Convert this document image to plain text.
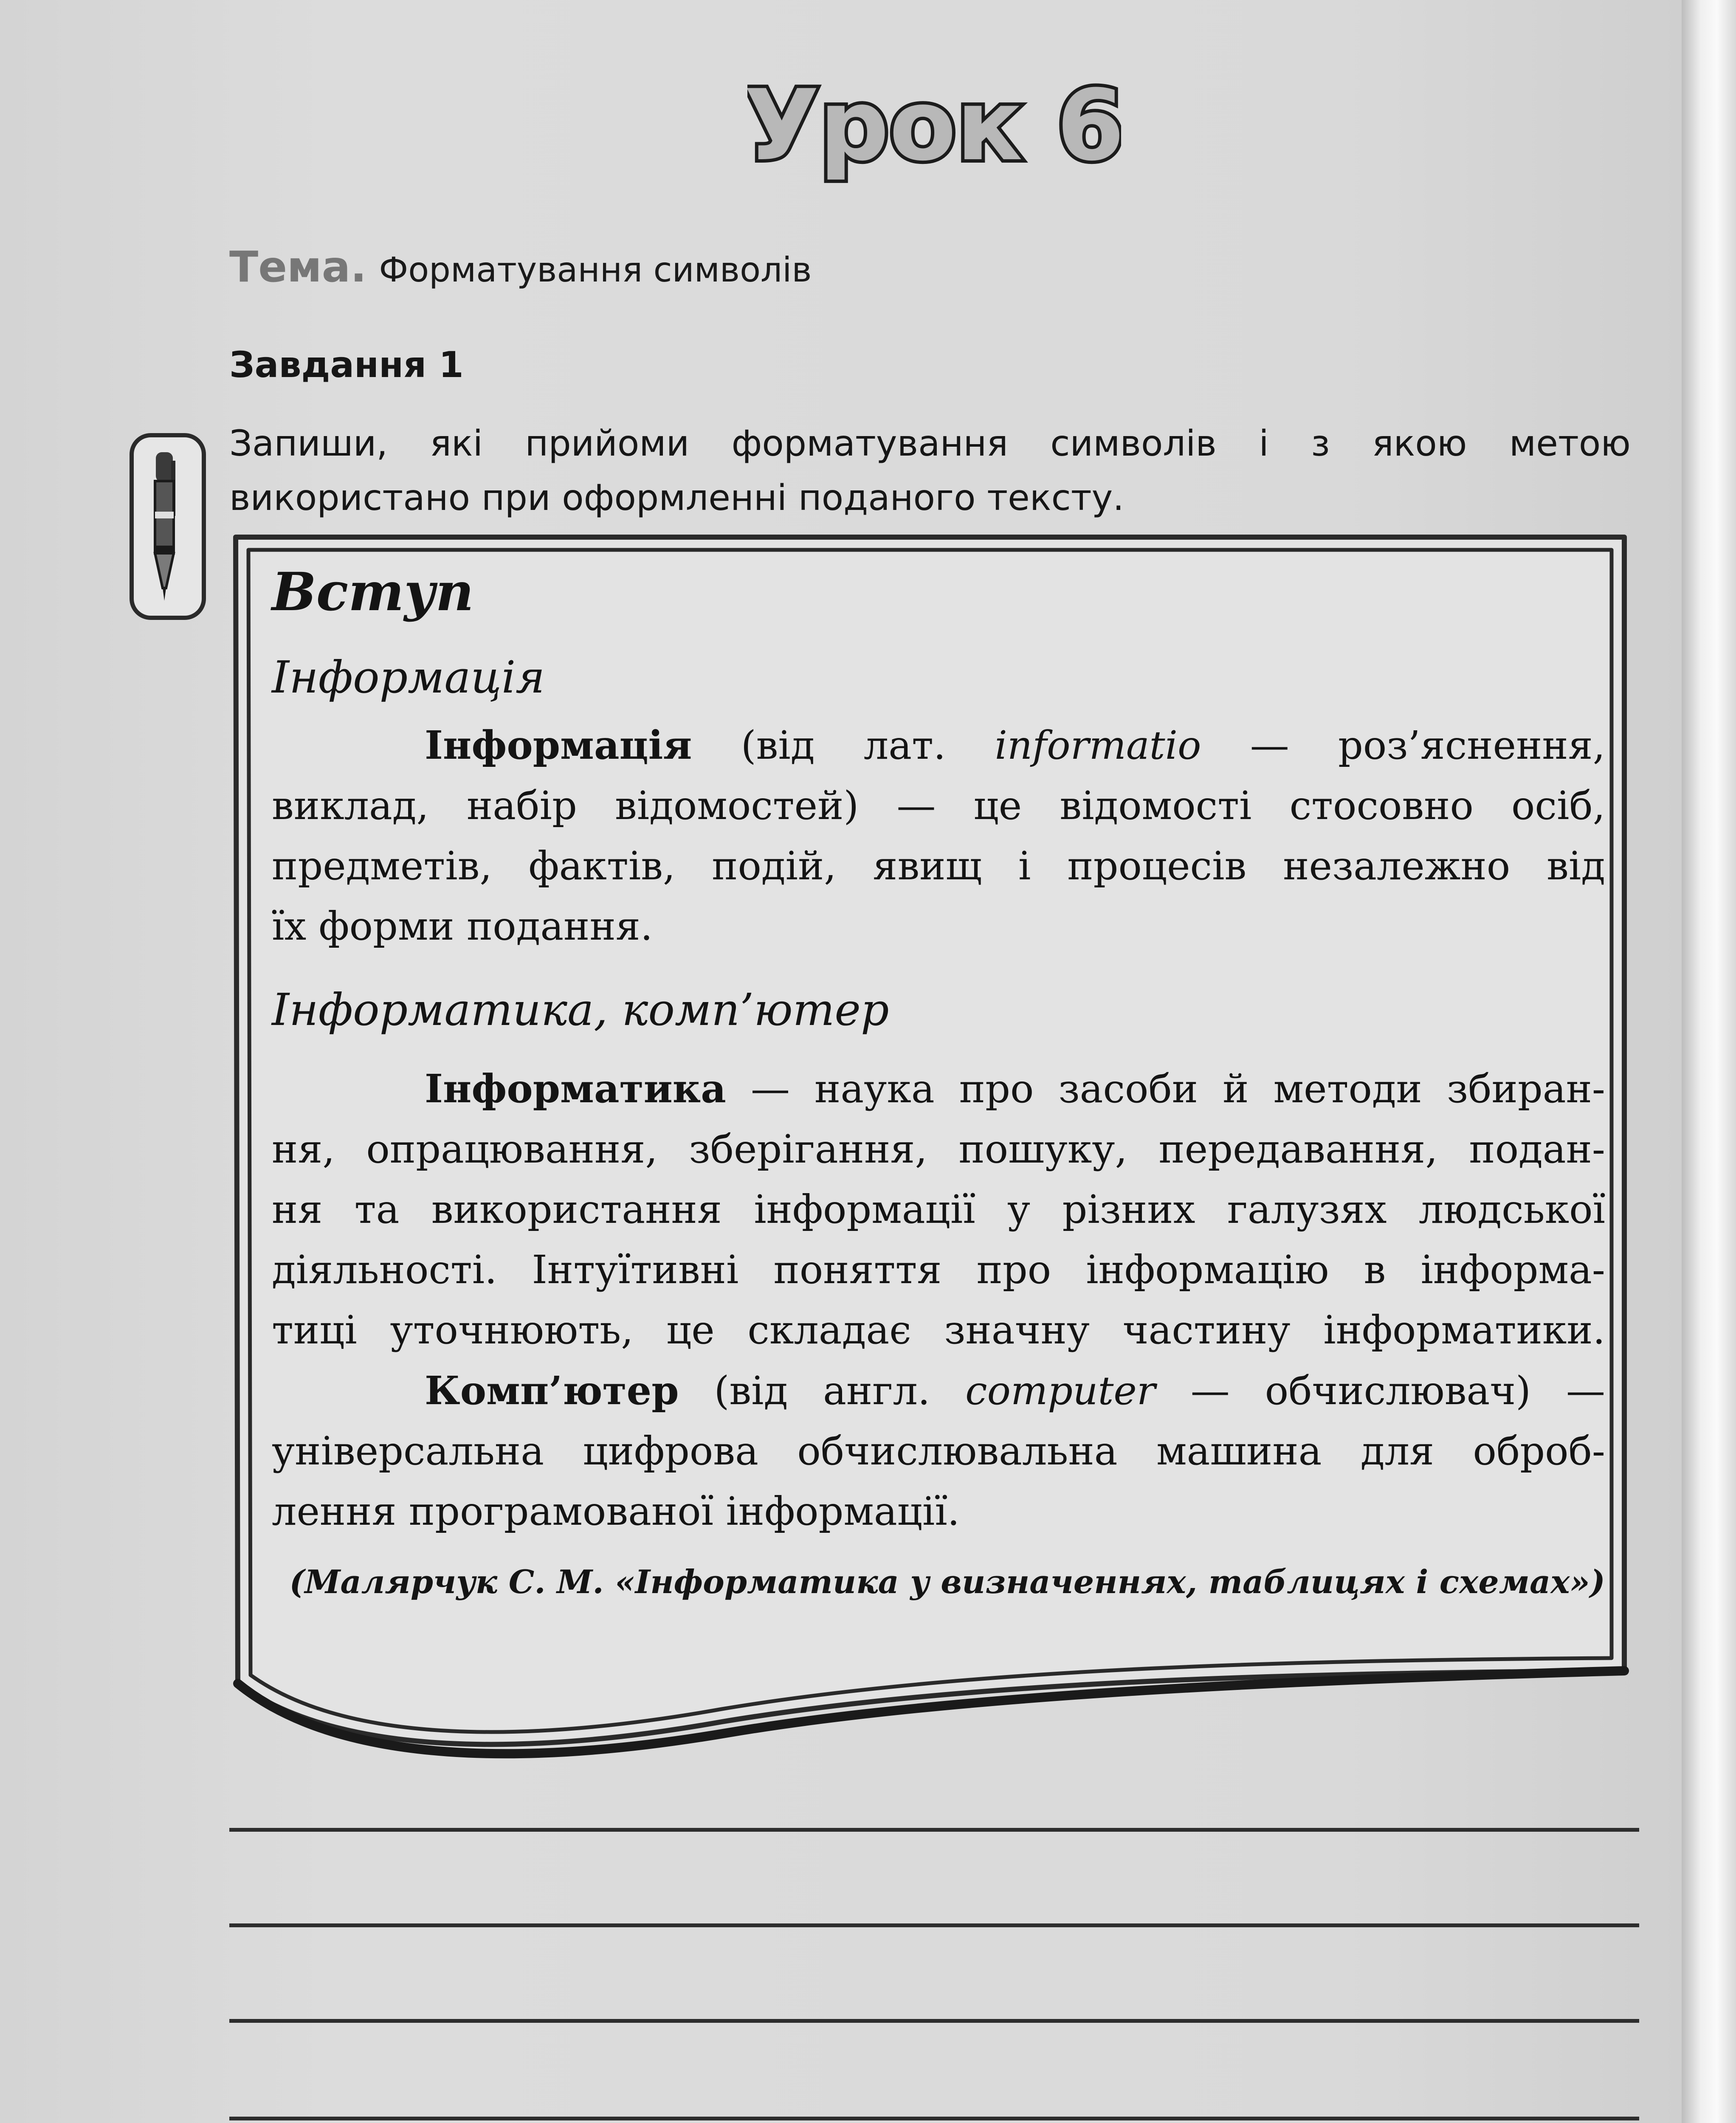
Урок 6
Тема. Форматування символів
Завдання 1
Запиши, які прийоми форматування символів і з якою метою
використано при оформленні поданого тексту.
Вступ
Інформація
Інформація (від лат. informatio — роз’яснення,
виклад, набір відомостей) — це відомості стосовно осіб,
предметів, фактів, подій, явищ і процесів незалежно від
їх форми подання.
Інформатика, комп’ютер
Інформатика — наука про засоби й методи збиран-
ня, опрацювання, зберігання, пошуку, передавання, подан-
ня та використання інформації у різних галузях людської
діяльності. Інтуїтивні поняття про інформацію в інформа-
тиці уточнюють, це складає значну частину інформатики.
Комп’ютер (від англ. computer — обчислювач) —
універсальна цифрова обчислювальна машина для оброб-
лення програмованої інформації.
(Малярчук С. М. «Інформатика у визначеннях, таблицях і схемах»)
